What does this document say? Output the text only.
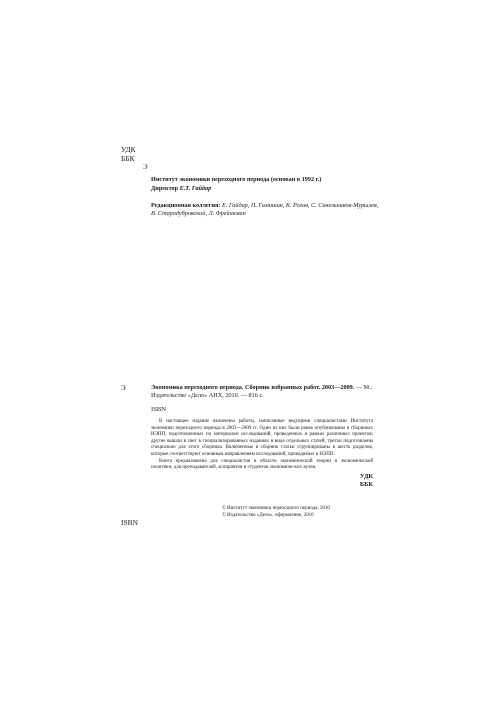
УДК
ББК
Э
Институт экономики переходного периода (основан в 1992 г.)
Директор Е.Т. Гайдар
Редакционная коллегия: Е. Гайдар, П. Гамишин, К. Рогов, С. Синельников-Мурылев, В. Стародубровский, Л. Фрейнкман
Э	Экономика переходного периода. Сборник избранных работ. 2003—2009. — М.: Издательство «Дело» АНХ, 2010. — 816 с.
ISBN

В настоящее издание включены работы, написанные ведущими специалистами Института экономики переходного периода в 2003—2009 гг. Одни из них были ранее опубликованы в сборниках ИЭПП, подготовленных по материалам исследований, проведенных в рамках различных проектов; другие вышли в свет в специализированных изданиях в виде отдельных статей; третьи подготовлены специально для этого сборника. Включенные в сборник статьи сгруппированы в шесть разделов, которые соответствуют основным направлениям исследований, проводимых в ИЭПП.

Книга предназначена для специалистов в области экономической теории и экономической политики, для преподавателей, аспирантов и студентов экономических вузов.

УДК
ББК
ISBN
© Институт экономики переходного периода, 2010
© Издательство «Дело», оформление, 2010
